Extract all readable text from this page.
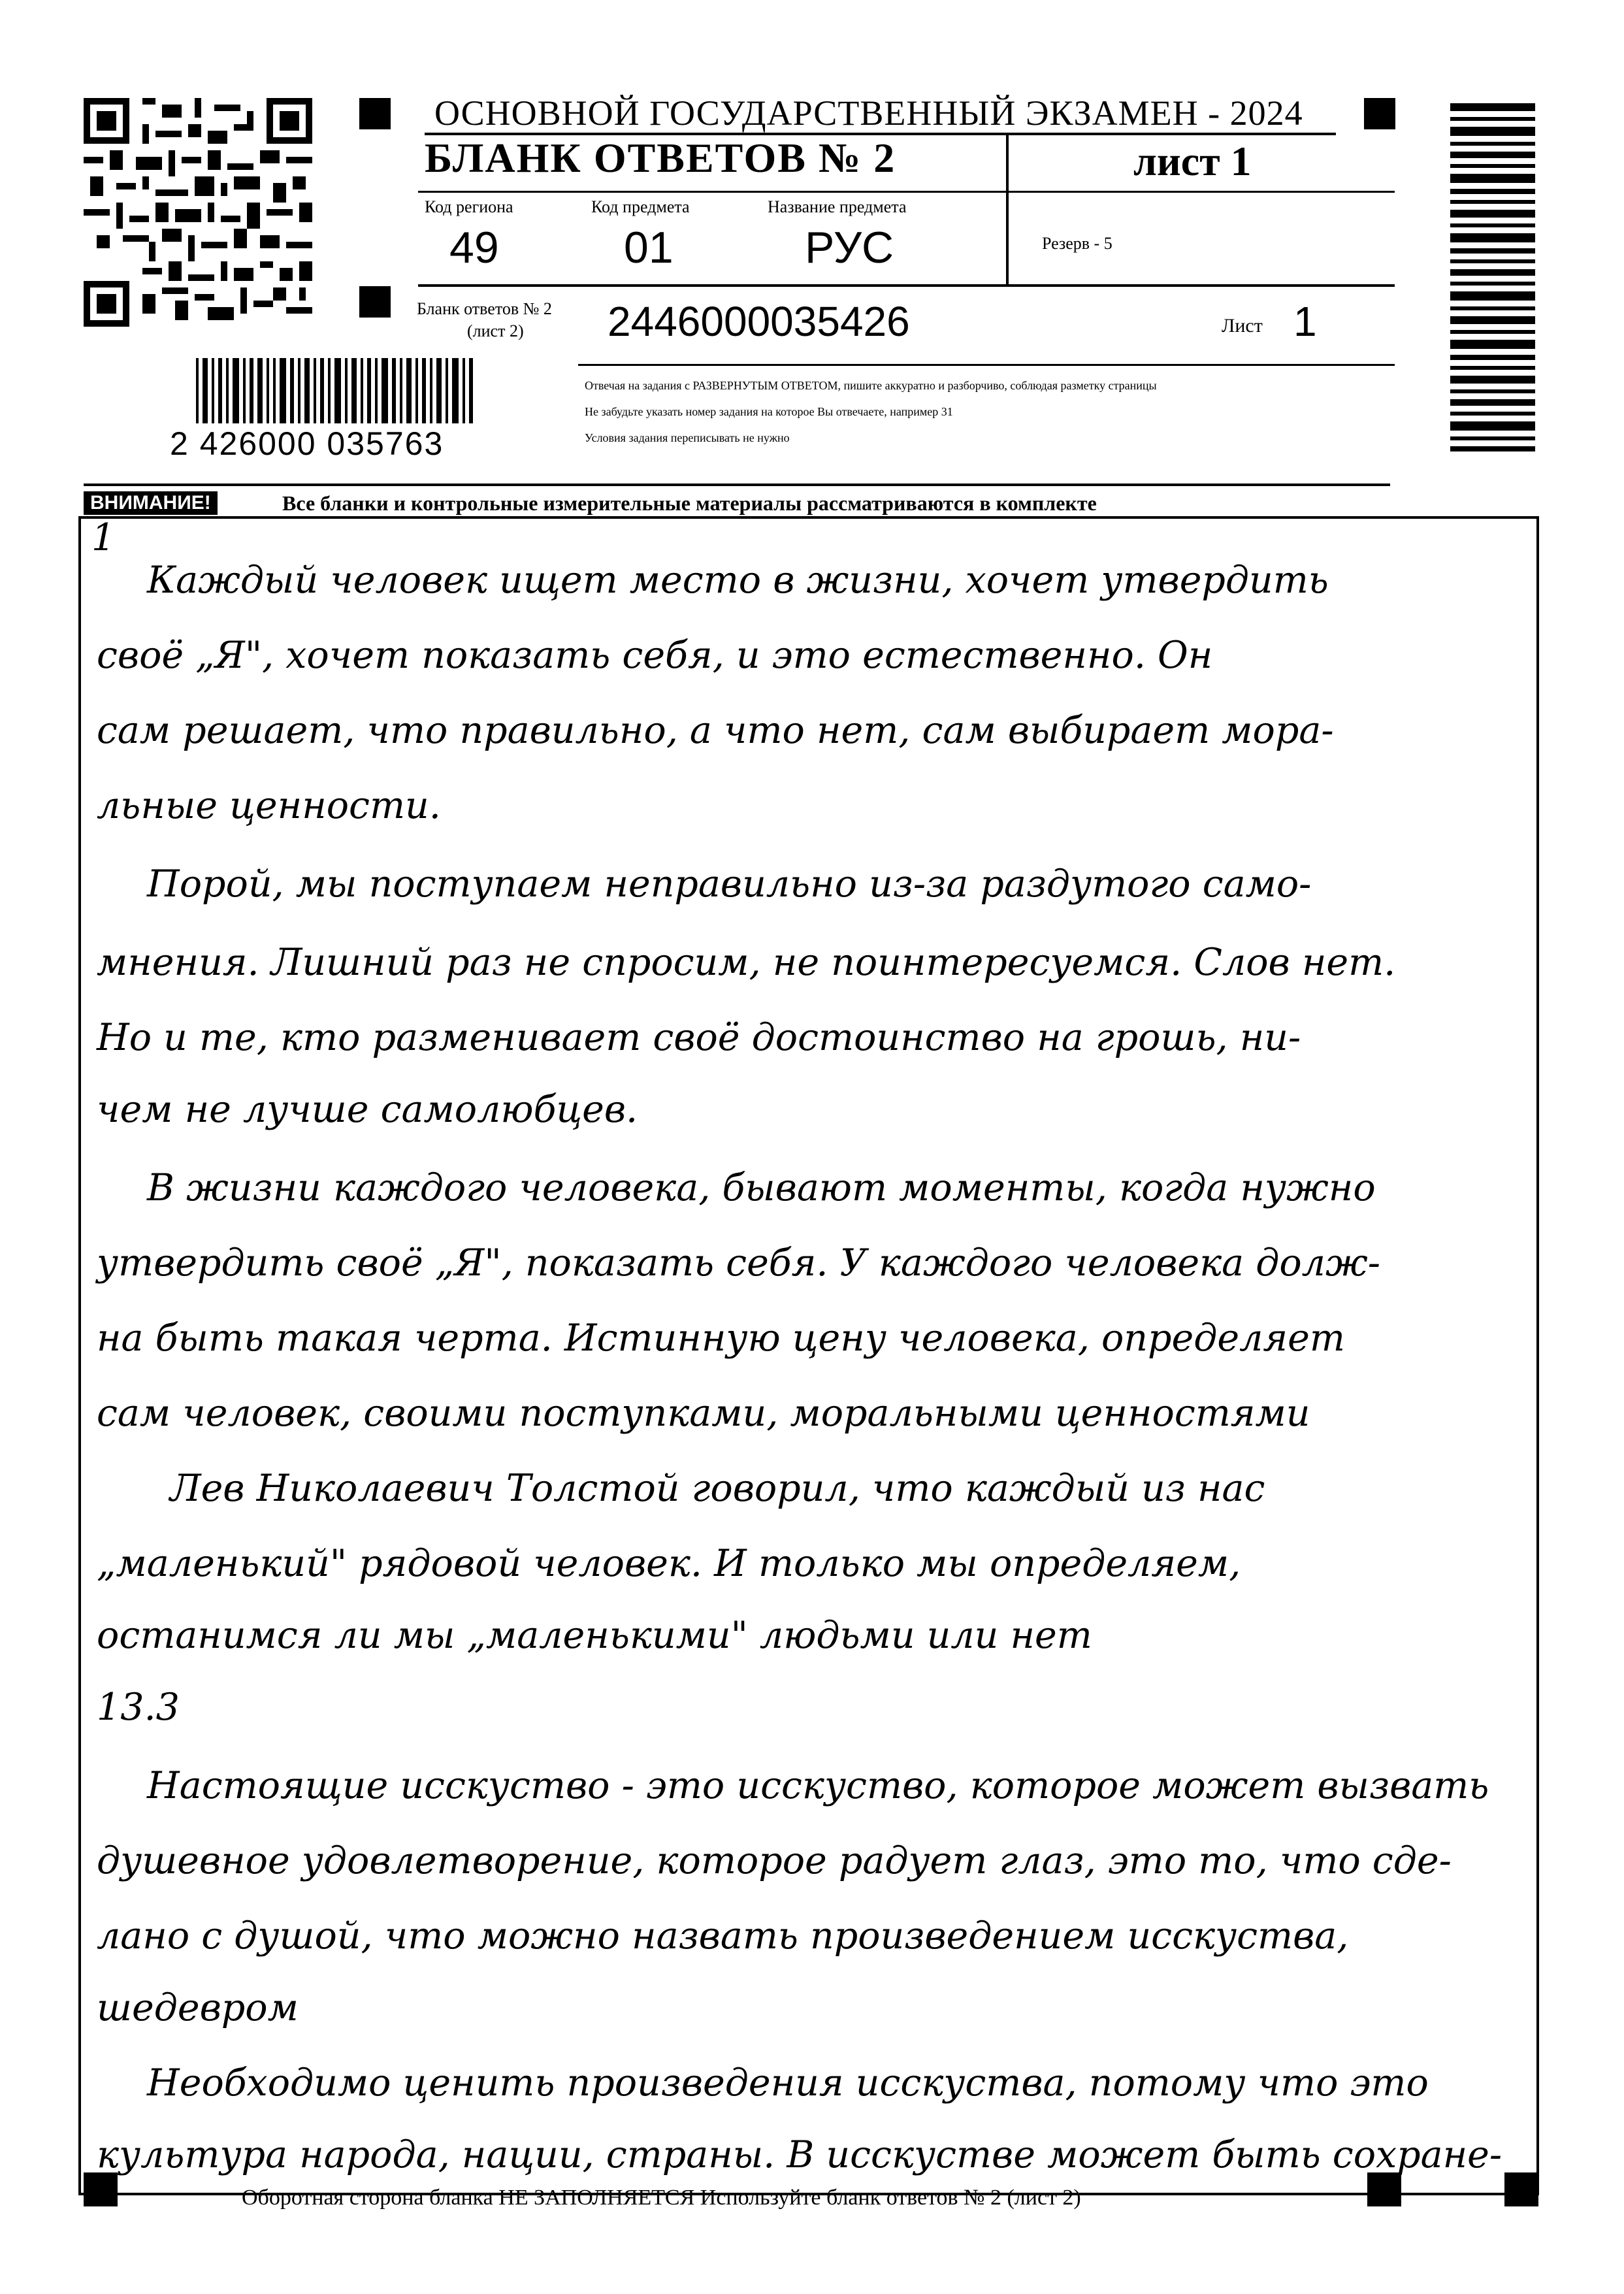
ОСНОВНОЙ ГОСУДАРСТВЕННЫЙ ЭКЗАМЕН - 2024
БЛАНК ОТВЕТОВ № 2	лист 1
Код региона
49
Код предмета
01
Название предмета
РУС	Резерв - 5
Бланк ответов № 2
(лист 2) 2446000035426	Лист 1
2 426000 035763
Отвечая на задания с РАЗВЕРНУТЫМ ОТВЕТОМ, пишите аккуратно и разборчиво, соблюдая разметку страницы
Не забудьте указать номер задания на которое Вы отвечаете, например 31
Условия задания переписывать не нужно
ВНИМАНИЕ!	Все бланки и контрольные измерительные материалы рассматриваются в комплекте
1
Каждый человек ищет место в жизни, хочет утвердить
своё „Я", хочет показать себя, и это естественно. Он
сам решает, что правильно, а что нет, сам выбирает мора-
льные ценности.
Порой, мы поступаем неправильно из-за раздутого само-
мнения. Лишний раз не спросим, не поинтересуемся. Слов нет.
Но и те, кто разменивает своё достоинство на грошь, ни-
чем не лучше самолюбцев.
В жизни каждого человека, бывают моменты, когда нужно
утвердить своё „Я", показать себя. У каждого человека долж-
на быть такая черта. Истинную цену человека, определяет
сам человек, своими поступками, моральными ценностями
Лев Николаевич Толстой говорил, что каждый из нас
„маленький" рядовой человек. И только мы определяем,
останимся ли мы „маленькими" людьми или нет
13.3
Настоящие исскуство - это исскуство, которое может вызвать
душевное удовлетворение, которое радует глаз, это то, что сде-
лано с душой, что можно назвать произведением исскуства,
шедевром
Необходимо ценить произведения исскуства, потому что это
культура народа, нации, страны. В исскустве может быть сохране-
Оборотная сторона бланка НЕ ЗАПОЛНЯЕТСЯ Используйте бланк ответов № 2 (лист 2)
